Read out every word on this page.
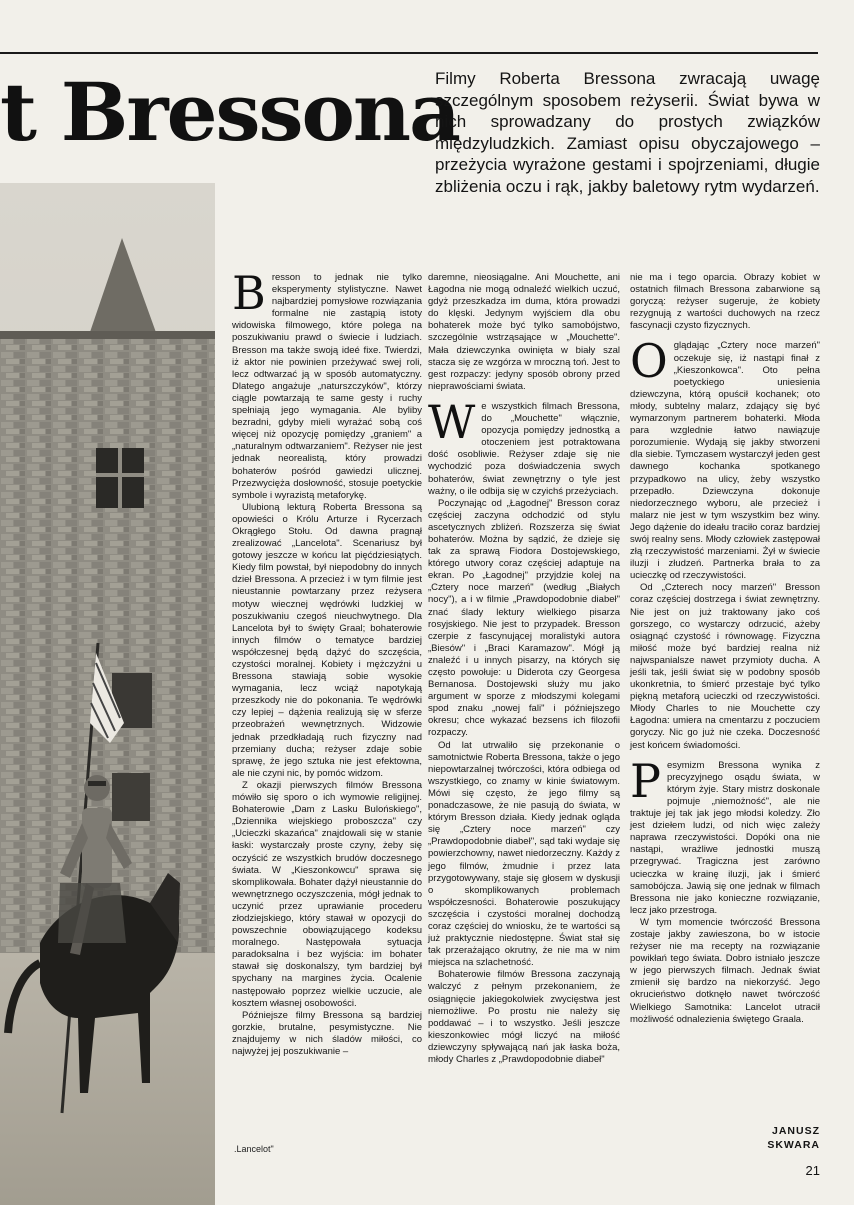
t Bressona
Filmy Roberta Bressona zwracają uwagę szczególnym sposobem reżyserii. Świat bywa w nich sprowadzany do prostych związków międzyludzkich. Zamiast opisu obyczajowego – przeżycia wyrażone gestami i spojrzeniami, długie zbliżenia oczu i rąk, jakby baletowy rytm wydarzeń.
.Lancelot"

Bresson to jednak nie tylko eksperymenty stylistyczne. Nawet najbardziej pomysłowe rozwiązania formalne nie zastąpią istoty widowiska filmowego, które polega na poszukiwaniu prawd o świecie i ludziach. Bresson ma także swoją ideé fixe. Twierdzi, iż aktor nie powinien przeżywać swej roli, lecz odtwarzać ją w sposób automatyczny. Dlatego angażuje „naturszczyków", którzy ciągle powtarzają te same gesty i ruchy spełniają jego wymagania. Ale byliby bezradni, gdyby mieli wyrażać sobą coś więcej niż opozycję pomiędzy „graniem" a „naturalnym odtwarzaniem". Reżyser nie jest jednak neorealistą, który prowadzi bohaterów pośród gawiedzi ulicznej. Przezwycięża dosłowność, stosuje poetyckie symbole i wyrazistą metaforykę.

Ulubioną lekturą Roberta Bressona są opowieści o Królu Arturze i Rycerzach Okrągłego Stołu. Od dawna pragnął zrealizować „Lancelota". Scenariusz był gotowy jeszcze w końcu lat pięćdziesiątych. Kiedy film powstał, był niepodobny do innych dzieł Bressona. A przecież i w tym filmie jest nieustannie powtarzany przez reżysera motyw wiecznej wędrówki ludzkiej w poszukiwaniu czegoś nieuchwytnego. Dla Lancelota był to święty Graal; bohaterowie innych filmów o tematyce bardziej współczesnej będą dążyć do szczęścia, czystości moralnej. Kobiety i mężczyźni u Bressona stawiają sobie wysokie wymagania, lecz wciąż napotykają przeszkody nie do pokonania. Te wędrówki czy lepiej – dążenia realizują się w sferze przeobrażeń wewnętrznych. Widzowie jednak przedkładają ruch fizyczny nad przemiany ducha; reżyser zdaje sobie sprawę, że jego sztuka nie jest efektowna, ale nie czyni nic, by pomóc widzom.

Z okazji pierwszych filmów Bressona mówiło się sporo o ich wymowie religijnej. Bohaterowie „Dam z Lasku Bulońskiego", „Dziennika wiejskiego proboszcza" czy „Ucieczki skazańca" znajdowali się w stanie łaski: wystarczały proste czyny, żeby się oczyścić ze wszystkich brudów doczesnego świata. W „Kieszonkowcu" sprawa się skomplikowała. Bohater dążył nieustannie do wewnętrznego oczyszczenia, mógł jednak to uczynić przez uprawianie procederu złodziejskiego, który stawał w opozycji do powszechnie obowiązującego kodeksu moralnego. Następowała sytuacja paradoksalna i bez wyjścia: im bohater stawał się doskonalszy, tym bardziej był spychany na margines życia. Ocalenie następowało poprzez wielkie uczucie, ale kosztem własnej osobowości.

Późniejsze filmy Bressona są bardziej gorzkie, brutalne, pesymistyczne. Nie znajdujemy w nich śladów miłości, co najwyżej jej poszukiwanie –

daremne, nieosiągalne. Ani Mouchette, ani Łagodna nie mogą odnaleźć wielkich uczuć, gdyż przeszkadza im duma, która prowadzi do klęski. Jedynym wyjściem dla obu bohaterek może być tylko samobójstwo, szczególnie wstrząsające w „Mouchette". Mała dziewczynka owinięta w biały szal stacza się ze wzgórza w mroczną toń. Jest to gest rozpaczy: jedyny sposób obrony przed nieprawościami świata.

We wszystkich filmach Bressona, do „Mouchette" włącznie, opozycja pomiędzy jednostką a otoczeniem jest potraktowana dość osobliwie. Reżyser zdaje się nie wychodzić poza doświadczenia swych bohaterów, świat zewnętrzny o tyle jest ważny, o ile odbija się w czyichś przeżyciach.

Poczynając od „Łagodnej" Bresson coraz częściej zaczyna odchodzić od stylu ascetycznych zbliżeń. Rozszerza się świat bohaterów. Można by sądzić, że dzieje się tak za sprawą Fiodora Dostojewskiego, którego utwory coraz częściej adaptuje na ekran. Po „Łagodnej" przyjdzie kolej na „Cztery noce marzeń" (według „Białych nocy"), a i w filmie „Prawdopodobnie diabeł" znać ślady lektury wielkiego pisarza rosyjskiego. Nie jest to przypadek. Bresson czerpie z fascynującej moralistyki autora „Biesów" i „Braci Karamazow". Mógł ją znaleźć i u innych pisarzy, na których się często powołuje: u Diderota czy Georgesa Bernanosa. Dostojewski służy mu jako argument w sporze z młodszymi kolegami spod znaku „nowej fali" i późniejszego okresu; chce wykazać bezsens ich filozofii rozpaczy.

Od lat utrwaliło się przekonanie o samotnictwie Roberta Bressona, także o jego niepowtarzalnej twórczości, która odbiega od wszystkiego, co znamy w kinie światowym. Mówi się często, że jego filmy są ponadczasowe, że nie pasują do świata, w którym Bresson działa. Kiedy jednak ogląda się „Cztery noce marzeń" czy „Prawdopodobnie diabeł", sąd taki wydaje się powierzchowny, nawet niedorzeczny. Każdy z jego filmów, żmudnie i przez lata przygotowywany, staje się głosem w dyskusji o skomplikowanych problemach współczesności. Bohaterowie poszukujący szczęścia i czystości moralnej dochodzą coraz częściej do wniosku, że te wartości są już praktycznie niedostępne. Świat stał się tak przerażająco okrutny, że nie ma w nim miejsca na szlachetność.

Bohaterowie filmów Bressona zaczynają walczyć z pełnym przekonaniem, że osiągnięcie jakiegokolwiek zwycięstwa jest niemożliwe. Po prostu nie należy się poddawać – i to wszystko. Jeśli jeszcze kieszonkowiec mógł liczyć na miłość dziewczyny spływającą nań jak łaska boża, młody Charles z „Prawdopodobnie diabeł"

nie ma i tego oparcia. Obrazy kobiet w ostatnich filmach Bressona zabarwione są goryczą: reżyser sugeruje, że kobiety rezygnują z wartości duchowych na rzecz fascynacji czysto fizycznych.

Oglądając „Cztery noce marzeń" oczekuje się, iż nastąpi finał z „Kieszonkowca". Oto pełna poetyckiego uniesienia dziewczyna, którą opuścił kochanek; oto młody, subtelny malarz, zdający się być wymarzonym partnerem bohaterki. Młoda para wzglednie łatwo nawiązuje porozumienie. Wydają się jakby stworzeni dla siebie. Tymczasem wystarczył jeden gest dawnego kochanka spotkanego przypadkowo na ulicy, żeby wszystko przepadło. Dziewczyna dokonuje niedorzecznego wyboru, ale przecież i malarz nie jest w tym wszystkim bez winy. Jego dążenie do ideału traciło coraz bardziej swój realny sens. Młody człowiek zastępował złą rzeczywistość marzeniami. Żył w świecie iluzji i złudzeń. Partnerka brała to za ucieczkę od rzeczywistości.

Od „Czterech nocy marzeń" Bresson coraz częściej dostrzega i świat zewnętrzny. Nie jest on już traktowany jako coś gorszego, co wystarczy odrzucić, ażeby osiągnąć czystość i równowagę. Fizyczna miłość może być bardziej realna niż najwspanialsze nawet przymioty ducha. A jeśli tak, jeśli świat się w podobny sposób ukonkretnia, to śmierć przestaje być tylko piękną metaforą ucieczki od rzeczywistości. Młody Charles to nie Mouchette czy Łagodna: umiera na cmentarzu z poczuciem goryczy. Nic go już nie czeka. Doczesność jest końcem świadomości.

Pesymizm Bressona wynika z precyzyjnego osądu świata, w którym żyje. Stary mistrz doskonale pojmuje „niemożność", ale nie traktuje jej tak jak jego młodsi koledzy. Zło jest dziełem ludzi, od nich więc zależy naprawa rzeczywistości. Dopóki ona nie nastąpi, wrażliwe jednostki muszą przegrywać. Tragiczna jest zarówno ucieczka w krainę iluzji, jak i śmierć samobójcza. Jawią się one jednak w filmach Bressona nie jako konieczne rozwiązanie, lecz jako przestroga.

W tym momencie twórczość Bressona zostaje jakby zawieszona, bo w istocie reżyser nie ma recepty na rozwiązanie powikłań tego świata. Dobro istniało jeszcze w jego pierwszych filmach. Jednak świat zmienił się bardzo na niekorzyść. Jego okrucieństwo dotknęło nawet twórczość Wielkiego Samotnika: Lancelot utracił możliwość odnalezienia świętego Graala.

JANUSZ
SKWARA
21
